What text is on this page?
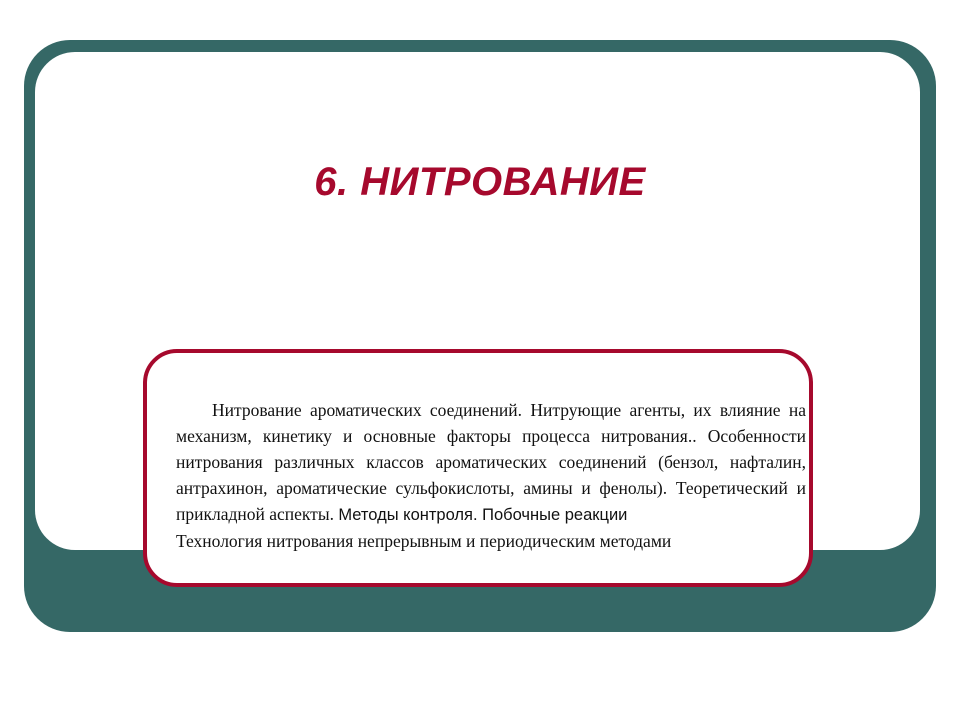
6. НИТРОВАНИЕ

Нитрование ароматических соединений. Нитрующие агенты, их влияние на механизм, кинетику и основные факторы процесса нитрования.. Особенности нитрования различных классов ароматических соединений (бензол, нафталин, антрахинон, ароматические сульфокислоты, амины и фенолы). Теоретический и прикладной аспекты. Методы контроля. Побочные реакции
Технология нитрования непрерывным и периодическим методами
